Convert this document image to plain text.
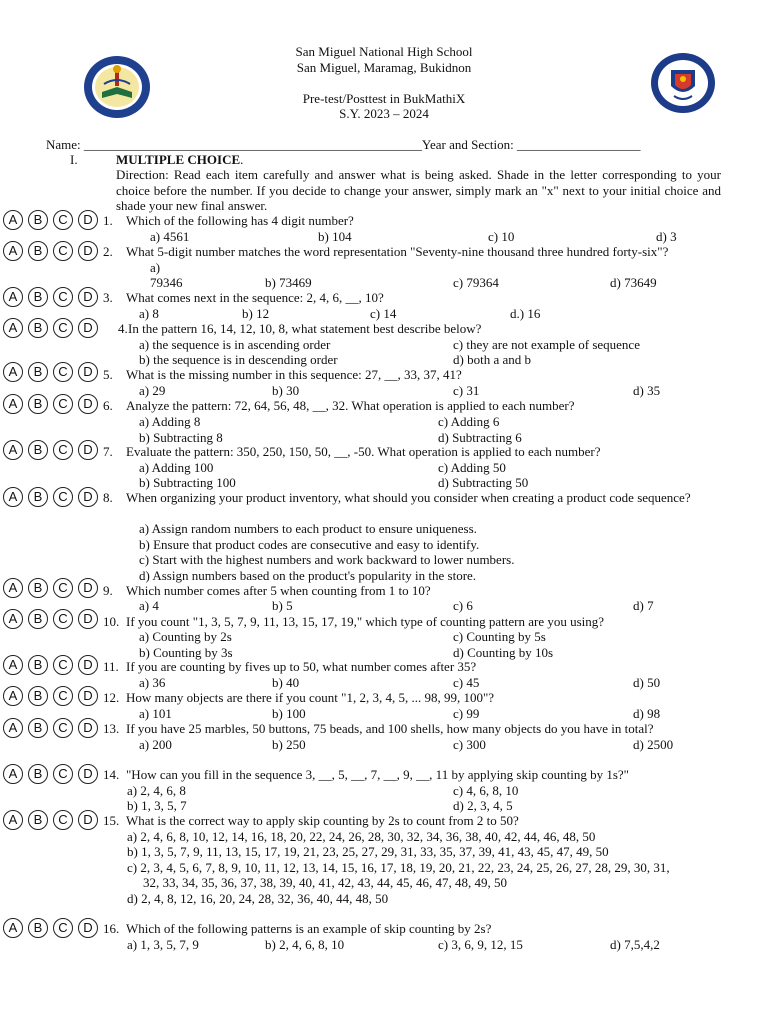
San Miguel National High School
San Miguel, Maramag, Bukidnon
Pre-test/Posttest in BukMathiX
S.Y. 2023 – 2024
Name: ____________________________________________________Year and Section: ___________________
I.	MULTIPLE CHOICE.
Direction: Read each item carefully and answer what is being asked. Shade in the letter corresponding to your choice before the number. If you decide to change your answer, simply mark an "x" next to your initial choice and shade your new final answer.
A	B	C	D 1. Which of the following has 4 digit number?
a) 4561	b) 104	c) 10	d) 3
A	B	C	D 2. What 5-digit number matches the word representation "Seventy-nine thousand three hundred forty-six"?
a)
79346	b) 73469	c) 79364	d) 73649
A	B	C	D 3. What comes next in the sequence: 2, 4, 6, __, 10?
a) 8	b) 12	c) 14	d.) 16
A	B	C	D	4.In the pattern 16, 14, 12, 10, 8, what statement best describe below?
a) the sequence is in ascending order	c) they are not example of sequence
b) the sequence is in descending order	d) both a and b
A	B	C	D 5. What is the missing number in this sequence: 27, __, 33, 37, 41?
a) 29	b) 30	c) 31	d) 35
A	B	C	D 6. Analyze the pattern: 72, 64, 56, 48, __, 32. What operation is applied to each number?
a) Adding 8	c) Adding 6
b) Subtracting 8	d) Subtracting 6
A	B	C	D 7. Evaluate the pattern: 350, 250, 150, 50, __, -50. What operation is applied to each number?
a) Adding 100	c) Adding 50
b) Subtracting 100	d) Subtracting 50
A	B	C	D 8. When organizing your product inventory, what should you consider when creating a product code sequence?
a) Assign random numbers to each product to ensure uniqueness.
b) Ensure that product codes are consecutive and easy to identify.
c) Start with the highest numbers and work backward to lower numbers.
d) Assign numbers based on the product's popularity in the store.
A	B	C	D 9. Which number comes after 5 when counting from 1 to 10?
a) 4	b) 5	c) 6	d) 7
A	B	C	D 10. If you count "1, 3, 5, 7, 9, 11, 13, 15, 17, 19," which type of counting pattern are you using?
a) Counting by 2s	c) Counting by 5s
b) Counting by 3s	d) Counting by 10s
A	B	C	D 11. If you are counting by fives up to 50, what number comes after 35?
a) 36	b) 40	c) 45	d) 50
A	B	C	D 12. How many objects are there if you count "1, 2, 3, 4, 5, ... 98, 99, 100"?
a) 101	b) 100	c) 99	d) 98
A	B	C	D 13. If you have 25 marbles, 50 buttons, 75 beads, and 100 shells, how many objects do you have in total?
a) 200	b) 250	c) 300	d) 2500
A	B	C	D 14. "How can you fill in the sequence 3, __, 5, __, 7, __, 9, __, 11 by applying skip counting by 1s?"
a) 2, 4, 6, 8	c) 4, 6, 8, 10
b) 1, 3, 5, 7	d) 2, 3, 4, 5
A	B	C	D 15. What is the correct way to apply skip counting by 2s to count from 2 to 50?
a) 2, 4, 6, 8, 10, 12, 14, 16, 18, 20, 22, 24, 26, 28, 30, 32, 34, 36, 38, 40, 42, 44, 46, 48, 50
b) 1, 3, 5, 7, 9, 11, 13, 15, 17, 19, 21, 23, 25, 27, 29, 31, 33, 35, 37, 39, 41, 43, 45, 47, 49, 50
c) 2, 3, 4, 5, 6, 7, 8, 9, 10, 11, 12, 13, 14, 15, 16, 17, 18, 19, 20, 21, 22, 23, 24, 25, 26, 27, 28, 29, 30, 31,
32, 33, 34, 35, 36, 37, 38, 39, 40, 41, 42, 43, 44, 45, 46, 47, 48, 49, 50
d) 2, 4, 8, 12, 16, 20, 24, 28, 32, 36, 40, 44, 48, 50
A	B	C	D 16. Which of the following patterns is an example of skip counting by 2s?
a) 1, 3, 5, 7, 9	b) 2, 4, 6, 8, 10	c) 3, 6, 9, 12, 15	d) 7,5,4,2
